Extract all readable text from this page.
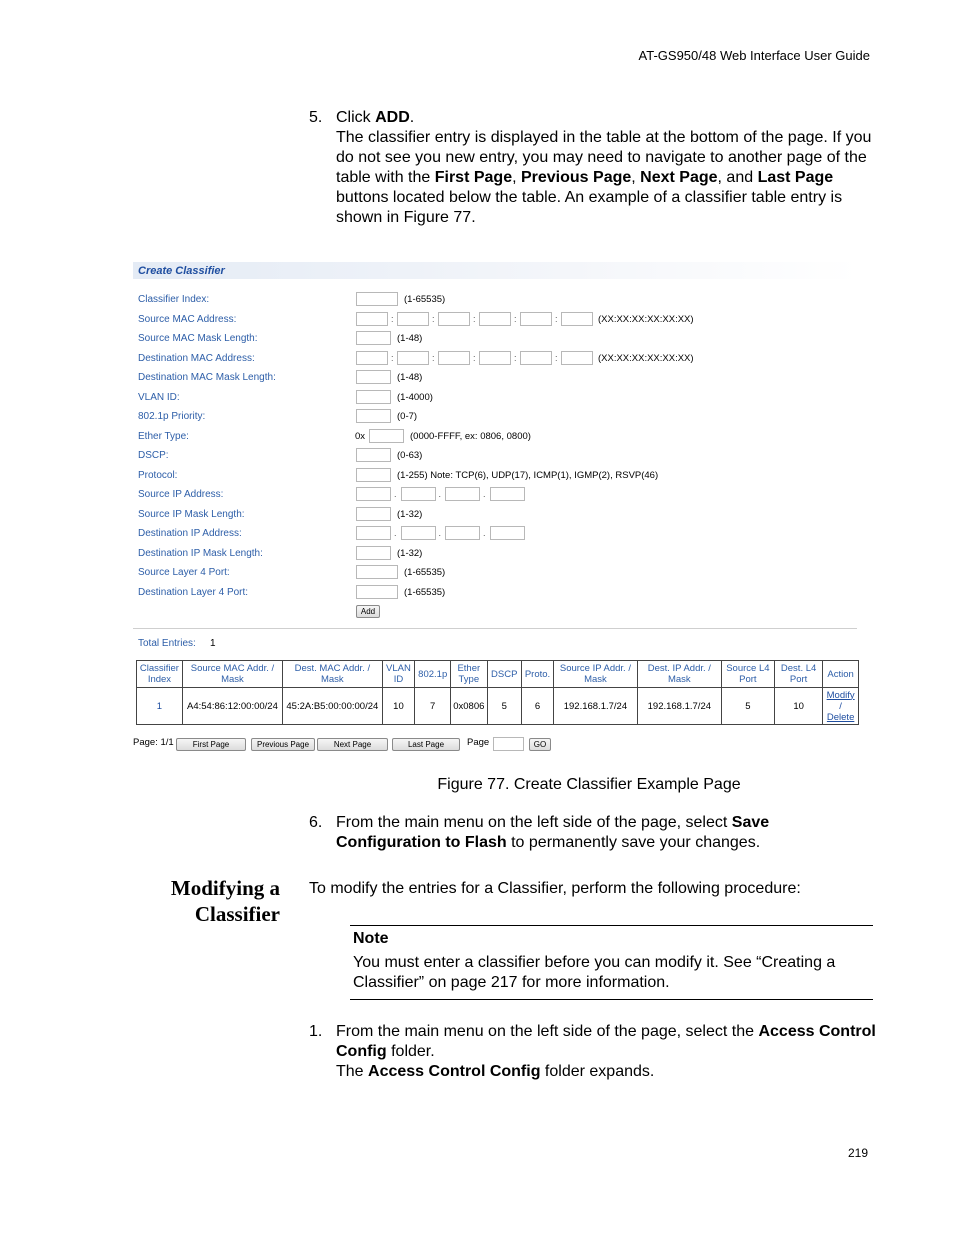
AT-GS950/48 Web Interface User Guide
5. Click ADD.
The classifier entry is displayed in the table at the bottom of the page. If you do not see you new entry, you may need to navigate to another page of the table with the First Page, Previous Page, Next Page, and Last Page buttons located below the table. An example of a classifier table entry is shown in Figure 77.
Create Classifier
Classifier Index:	(1-65535)
Source MAC Address:	:	:	:	:	:	(XX:XX:XX:XX:XX:XX)
Source MAC Mask Length:	(1-48)
Destination MAC Address:	:	:	:	:	:	(XX:XX:XX:XX:XX:XX)
Destination MAC Mask Length:	(1-48)
VLAN ID:	(1-4000)
802.1p Priority:	(0-7)
Ether Type:	0x	(0000-FFFF, ex: 0806, 0800)
DSCP:	(0-63)
Protocol:	(1-255) Note: TCP(6), UDP(17), ICMP(1), IGMP(2), RSVP(46)
Source IP Address:	.	.	.
Source IP Mask Length:	(1-32)
Destination IP Address:	.	.	.
Destination IP Mask Length:	(1-32)
Source Layer 4 Port:	(1-65535)
Destination Layer 4 Port:	(1-65535)
Add
Total Entries: 1
Classifier Index	Source MAC Addr. / Mask	Dest. MAC Addr. / Mask	VLAN ID	802.1p	Ether Type	DSCP	Proto.	Source IP Addr. / Mask	Dest. IP Addr. / Mask	Source L4 Port	Dest. L4 Port	Action
1	A4:54:86:12:00:00/24	45:2A:B5:00:00:00/24	10	7	0x0806	5	6	192.168.1.7/24	192.168.1.7/24	5	10	Modify
/
Delete
Page: 1/1	First Page	Previous Page	Next Page	Last Page	Page	GO
Figure 77. Create Classifier Example Page
6. From the main menu on the left side of the page, select Save Configuration to Flash to permanently save your changes.
Modifying a
Classifier
To modify the entries for a Classifier, perform the following procedure:
Note
You must enter a classifier before you can modify it. See “Creating a Classifier” on page 217 for more information.
1. From the main menu on the left side of the page, select the Access Control Config folder.
The Access Control Config folder expands.
219
